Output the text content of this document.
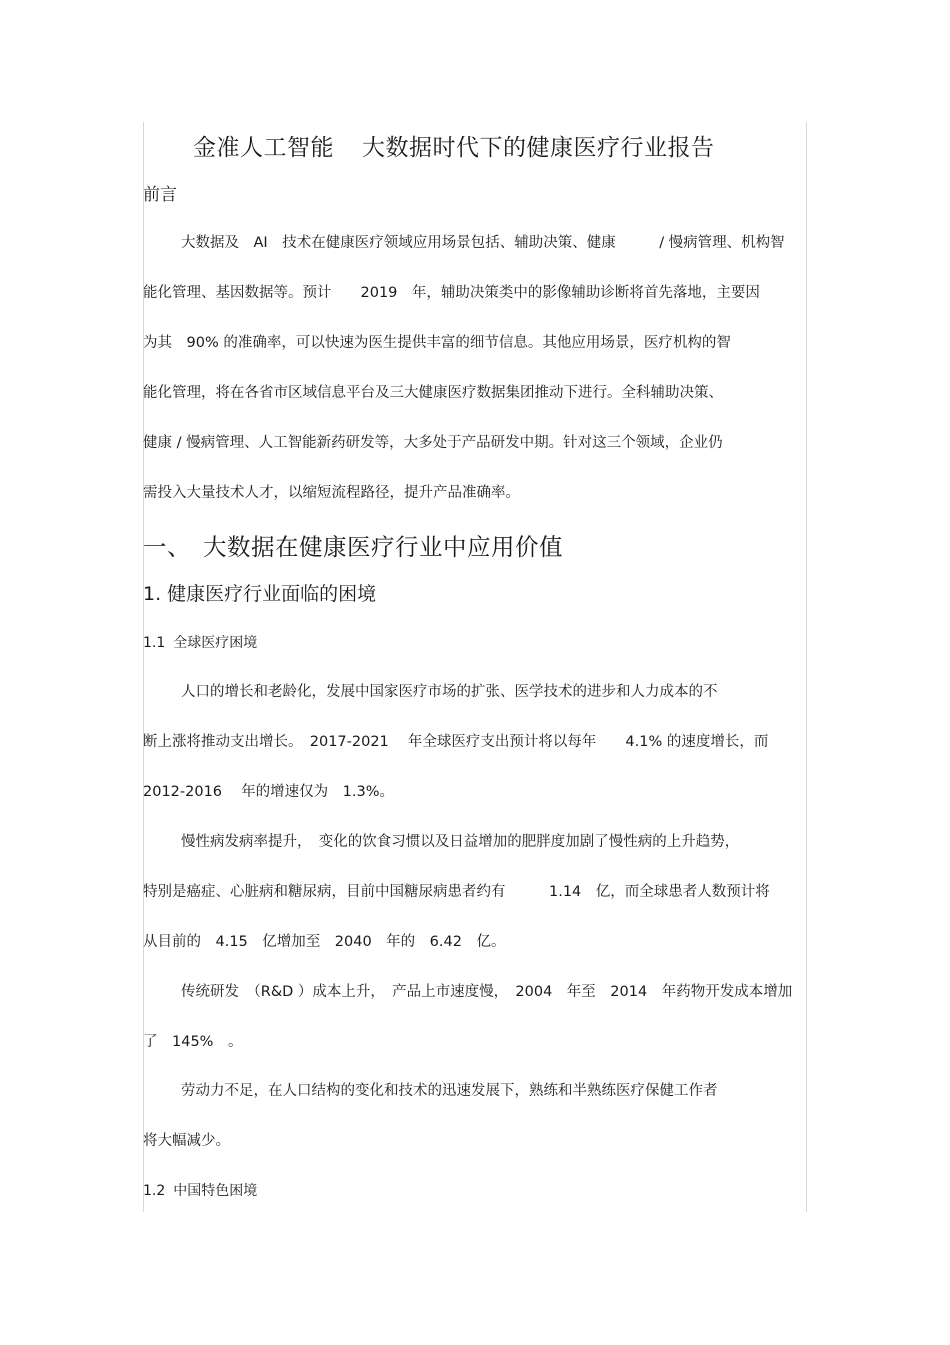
金准人工智能 大数据时代下的健康医疗行业报告
前言
大数据及　AI　技术在健康医疗领域应用场景包括、辅助决策、健康　　　/ 慢病管理、机构智
能化管理、基因数据等。预计　　2019　年，辅助决策类中的影像辅助诊断将首先落地，主要因
为其　90% 的准确率，可以快速为医生提供丰富的细节信息。其他应用场景，医疗机构的智
能化管理，将在各省市区域信息平台及三大健康医疗数据集团推动下进行。全科辅助决策、
健康 / 慢病管理、人工智能新药研发等，大多处于产品研发中期。针对这三个领域，企业仍
需投入大量技术人才，以缩短流程路径，提升产品准确率。
一、 大数据在健康医疗行业中应用价值
1. 健康医疗行业面临的困境
1.1 全球医疗困境
人口的增长和老龄化，发展中国家医疗市场的扩张、医学技术的进步和人力成本的不
断上涨将推动支出增长。　2017-2021　 年全球医疗支出预计将以每年　　4.1% 的速度增长，而
2012-2016　 年的增速仅为　1.3%。
慢性病发病率提升，　变化的饮食习惯以及日益增加的肥胖度加剧了慢性病的上升趋势，
特别是癌症、心脏病和糖尿病，目前中国糖尿病患者约有　　　1.14　亿，而全球患者人数预计将
从目前的　4.15　亿增加至　2040　年的　6.42　亿。
传统研发　（R&D ）成本上升，　产品上市速度慢，　2004　年至　2014　年药物开发成本增加
了　145%　。
劳动力不足，在人口结构的变化和技术的迅速发展下，熟练和半熟练医疗保健工作者
将大幅减少。
1.2 中国特色困境
